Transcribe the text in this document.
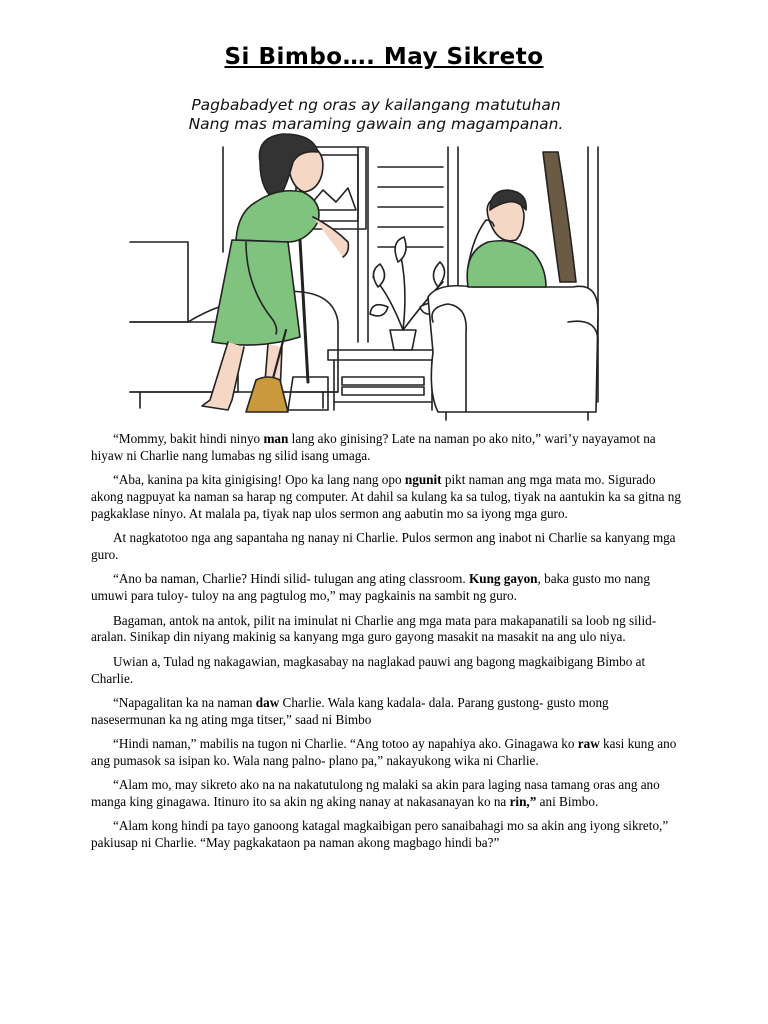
Si Bimbo…. May Sikreto
Pagbabadyet ng oras ay kailangang matutuhan
Nang mas maraming gawain ang magampanan.

“Mommy, bakit hindi ninyo man lang ako ginising? Late na naman po ako nito,” wari’y nayayamot na hiyaw ni Charlie nang lumabas ng silid isang umaga.

“Aba, kanina pa kita ginigising! Opo ka lang nang opo ngunit pikt naman ang mga mata mo. Sigurado akong nagpuyat ka naman sa harap ng computer. At dahil sa kulang ka sa tulog, tiyak na aantukin ka sa gitna ng pagkaklase ninyo. At malala pa, tiyak nap ulos sermon ang aabutin mo sa iyong mga guro.

At nagkatotoo nga ang sapantaha ng nanay ni Charlie. Pulos sermon ang inabot ni Charlie sa kanyang mga guro.

“Ano ba naman, Charlie? Hindi silid- tulugan ang ating classroom. Kung gayon, baka gusto mo nang umuwi para tuloy- tuloy na ang pagtulog mo,” may pagkainis na sambit ng guro.

Bagaman, antok na antok, pilit na iminulat ni Charlie ang mga mata para makapanatili sa loob ng silid- aralan. Sinikap din niyang makinig sa kanyang mga guro gayong masakit na masakit na ang ulo niya.

Uwian a, Tulad ng nakagawian, magkasabay na naglakad pauwi ang bagong magkaibigang Bimbo at Charlie.

“Napagalitan ka na naman daw Charlie. Wala kang kadala- dala. Parang gustong- gusto mong nasesermunan ka ng ating mga titser,” saad ni Bimbo

“Hindi naman,” mabilis na tugon ni Charlie. “Ang totoo ay napahiya ako. Ginagawa ko raw kasi kung ano ang pumasok sa isipan ko. Wala nang palno- plano pa,” nakayukong wika ni Charlie.

“Alam mo, may sikreto ako na na nakatutulong ng malaki sa akin para laging nasa tamang oras ang ano manga king ginagawa. Itinuro ito sa akin ng aking nanay at nakasanayan ko na rin,” ani Bimbo.

“Alam kong hindi pa tayo ganoong katagal magkaibigan pero sanaibahagi mo sa akin ang iyong sikreto,” pakiusap ni Charlie. “May pagkakataon pa naman akong magbago hindi ba?”
